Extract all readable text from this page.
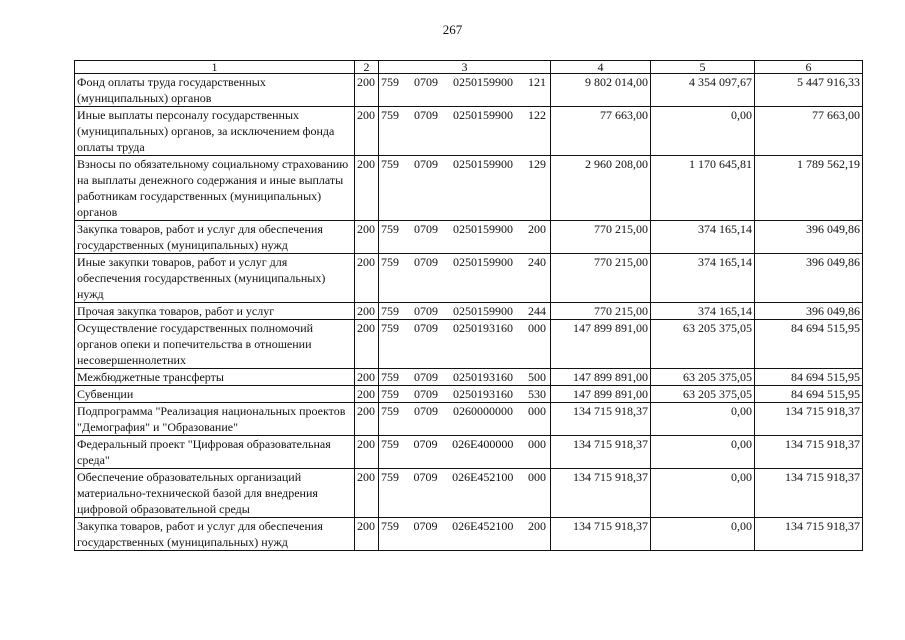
267
1	2	3	4	5	6
Фонд оплаты труда государственных (муниципальных) органов	200	759 0709 0250159900 121	9 802 014,00	4 354 097,67	5 447 916,33
Иные выплаты персоналу государственных (муниципальных) органов, за исключением фонда оплаты труда	200	759 0709 0250159900 122	77 663,00	0,00	77 663,00
Взносы по обязательному социальному страхованию на выплаты денежного содержания и иные выплаты работникам государственных (муниципальных) органов	200	759 0709 0250159900 129	2 960 208,00	1 170 645,81	1 789 562,19
Закупка товаров, работ и услуг для обеспечения государственных (муниципальных) нужд	200	759 0709 0250159900 200	770 215,00	374 165,14	396 049,86
Иные закупки товаров, работ и услуг для обеспечения государственных (муниципальных) нужд	200	759 0709 0250159900 240	770 215,00	374 165,14	396 049,86
Прочая закупка товаров, работ и услуг	200	759 0709 0250159900 244	770 215,00	374 165,14	396 049,86
Осуществление государственных полномочий органов опеки и попечительства в отношении несовершеннолетних	200	759 0709 0250193160 000	147 899 891,00	63 205 375,05	84 694 515,95
Межбюджетные трансферты	200	759 0709 0250193160 500	147 899 891,00	63 205 375,05	84 694 515,95
Субвенции	200	759 0709 0250193160 530	147 899 891,00	63 205 375,05	84 694 515,95
Подпрограмма "Реализация национальных проектов "Демография" и "Образование"	200	759 0709 0260000000 000	134 715 918,37	0,00	134 715 918,37
Федеральный проект "Цифровая образовательная среда"	200	759 0709 026E400000 000	134 715 918,37	0,00	134 715 918,37
Обеспечение образовательных организаций материально-технической базой для внедрения цифровой образовательной среды	200	759 0709 026E452100 000	134 715 918,37	0,00	134 715 918,37
Закупка товаров, работ и услуг для обеспечения государственных (муниципальных) нужд	200	759 0709 026E452100 200	134 715 918,37	0,00	134 715 918,37
